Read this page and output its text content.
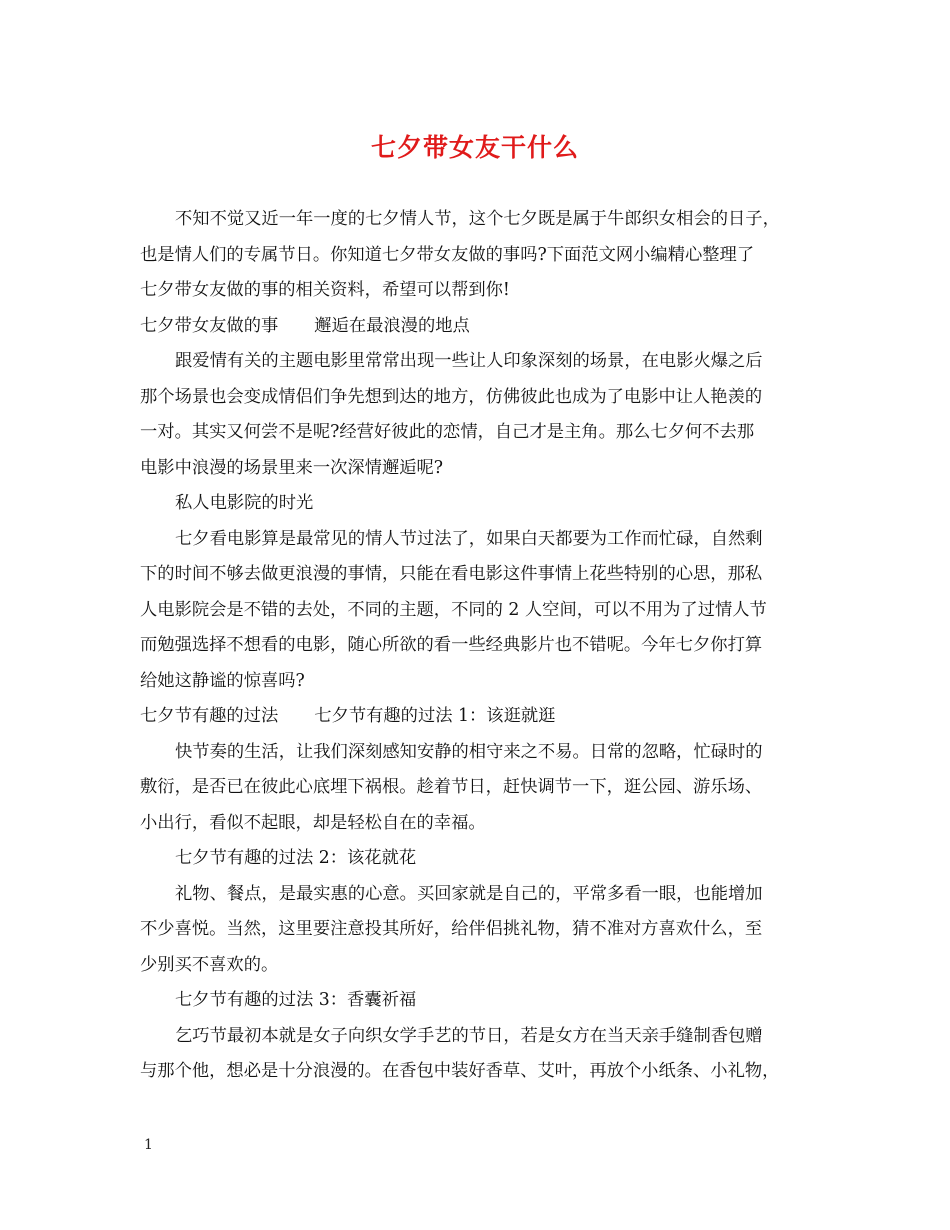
七夕带女友干什么
不知不觉又近一年一度的七夕情人节，这个七夕既是属于牛郎织女相会的日子，
也是情人们的专属节日。你知道七夕带女友做的事吗?下面范文网小编精心整理了
七夕带女友做的事的相关资料，希望可以帮到你!
七夕带女友做的事 邂逅在最浪漫的地点
跟爱情有关的主题电影里常常出现一些让人印象深刻的场景，在电影火爆之后
那个场景也会变成情侣们争先想到达的地方，仿佛彼此也成为了电影中让人艳羡的
一对。其实又何尝不是呢?经营好彼此的恋情，自己才是主角。那么七夕何不去那
电影中浪漫的场景里来一次深情邂逅呢?
私人电影院的时光
七夕看电影算是最常见的情人节过法了，如果白天都要为工作而忙碌，自然剩
下的时间不够去做更浪漫的事情，只能在看电影这件事情上花些特别的心思，那私
人电影院会是不错的去处，不同的主题，不同的 2 人空间，可以不用为了过情人节
而勉强选择不想看的电影，随心所欲的看一些经典影片也不错呢。今年七夕你打算
给她这静谧的惊喜吗?
七夕节有趣的过法 七夕节有趣的过法 1：该逛就逛
快节奏的生活，让我们深刻感知安静的相守来之不易。日常的忽略，忙碌时的
敷衍，是否已在彼此心底埋下祸根。趁着节日，赶快调节一下，逛公园、游乐场、
小出行，看似不起眼，却是轻松自在的幸福。
七夕节有趣的过法 2：该花就花
礼物、餐点，是最实惠的心意。买回家就是自己的，平常多看一眼，也能增加
不少喜悦。当然，这里要注意投其所好，给伴侣挑礼物，猜不准对方喜欢什么，至
少别买不喜欢的。
七夕节有趣的过法 3：香囊祈福
乞巧节最初本就是女子向织女学手艺的节日，若是女方在当天亲手缝制香包赠
与那个他，想必是十分浪漫的。在香包中装好香草、艾叶，再放个小纸条、小礼物，
1
